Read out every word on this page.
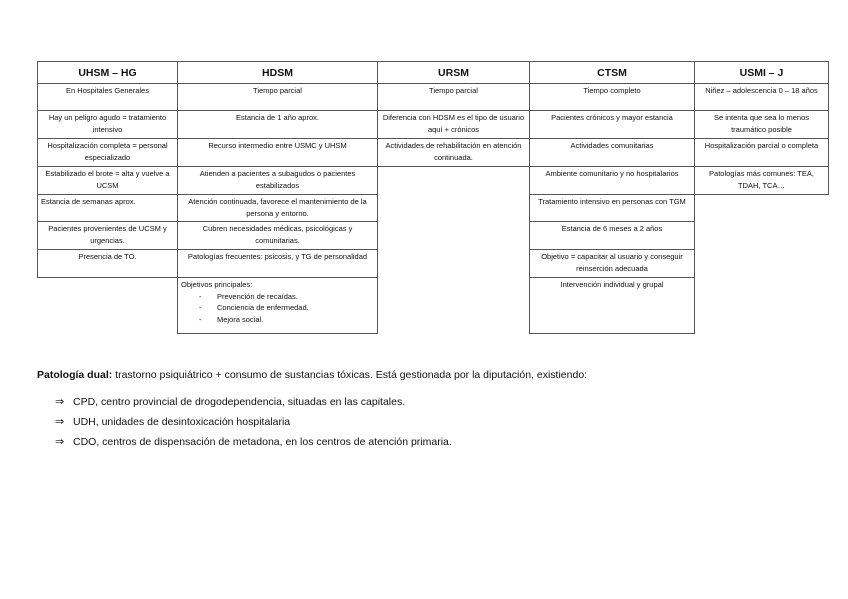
UHSM – HG
En Hospitales Generales
Hay un peligro agudo = tratamiento intensivo
Hospitalización completa = personal especializado
Estabilizado el brote = alta y vuelve a UCSM
Estancia de semanas aprox.
Pacientes provenientes de UCSM y urgencias.
Presencia de TO.
HDSM
Tiempo parcial
Estancia de 1 año aprox.
Recurso intermedio entre USMC y UHSM
Atienden a pacientes a subagudos o pacientes estabilizados
Atención continuada, favorece el mantenimiento de la persona y entorno.
Cubren necesidades médicas, psicológicas y comunitarias.
Patologías frecuentes: psicosis, y TG de personalidad
Objetivos principales:
- Prevención de recaídas.
- Conciencia de enfermedad.
- Mejora social.
URSM
Tiempo parcial
Diferencia con HDSM es el tipo de usuario aquí + crónicos
Actividades de rehabilitación en atención continuada.
CTSM
Tiempo completo
Pacientes crónicos y mayor estancia
Actividades comunitarias
Ambiente comunitario y no hospitalarios
Tratamiento intensivo en personas con TGM
Estancia de 6 meses a 2 años
Objetivo = capacitar al usuario y conseguir reinserción adecuada
Intervención individual y grupal
USMI – J
Niñez – adolescencia 0 – 18 años
Se intenta que sea lo menos traumático posible
Hospitalización parcial o completa
Patologías más comunes: TEA, TDAH, TCA…

Patología dual: trastorno psiquiátrico + consumo de sustancias tóxicas. Está gestionada por la diputación, existiendo:

⇒ CPD, centro provincial de drogodependencia, situadas en las capitales.
⇒ UDH, unidades de desintoxicación hospitalaria
⇒ CDO, centros de dispensación de metadona, en los centros de atención primaria.
